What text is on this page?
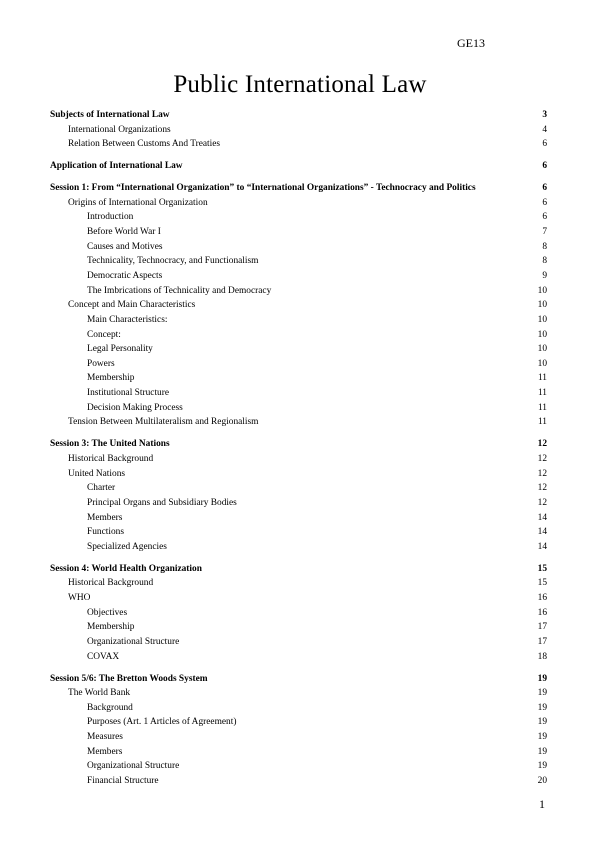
GE13
Public International Law
Subjects of International Law	3
International Organizations	4
Relation Between Customs And Treaties	6
Application of International Law	6
Session 1: From “International Organization” to “International Organizations” - Technocracy and Politics	6
Origins of International Organization	6
Introduction	6
Before World War I	7
Causes and Motives	8
Technicality, Technocracy, and Functionalism	8
Democratic Aspects	9
The Imbrications of Technicality and Democracy	10
Concept and Main Characteristics	10
Main Characteristics:	10
Concept:	10
Legal Personality	10
Powers	10
Membership	11
Institutional Structure	11
Decision Making Process	11
Tension Between Multilateralism and Regionalism	11
Session 3: The United Nations	12
Historical Background	12
United Nations	12
Charter	12
Principal Organs and Subsidiary Bodies	12
Members	14
Functions	14
Specialized Agencies	14
Session 4: World Health Organization	15
Historical Background	15
WHO	16
Objectives	16
Membership	17
Organizational Structure	17
COVAX	18
Session 5/6: The Bretton Woods System	19
The World Bank	19
Background	19
Purposes (Art. 1 Articles of Agreement)	19
Measures	19
Members	19
Organizational Structure	19
Financial Structure	20
1
